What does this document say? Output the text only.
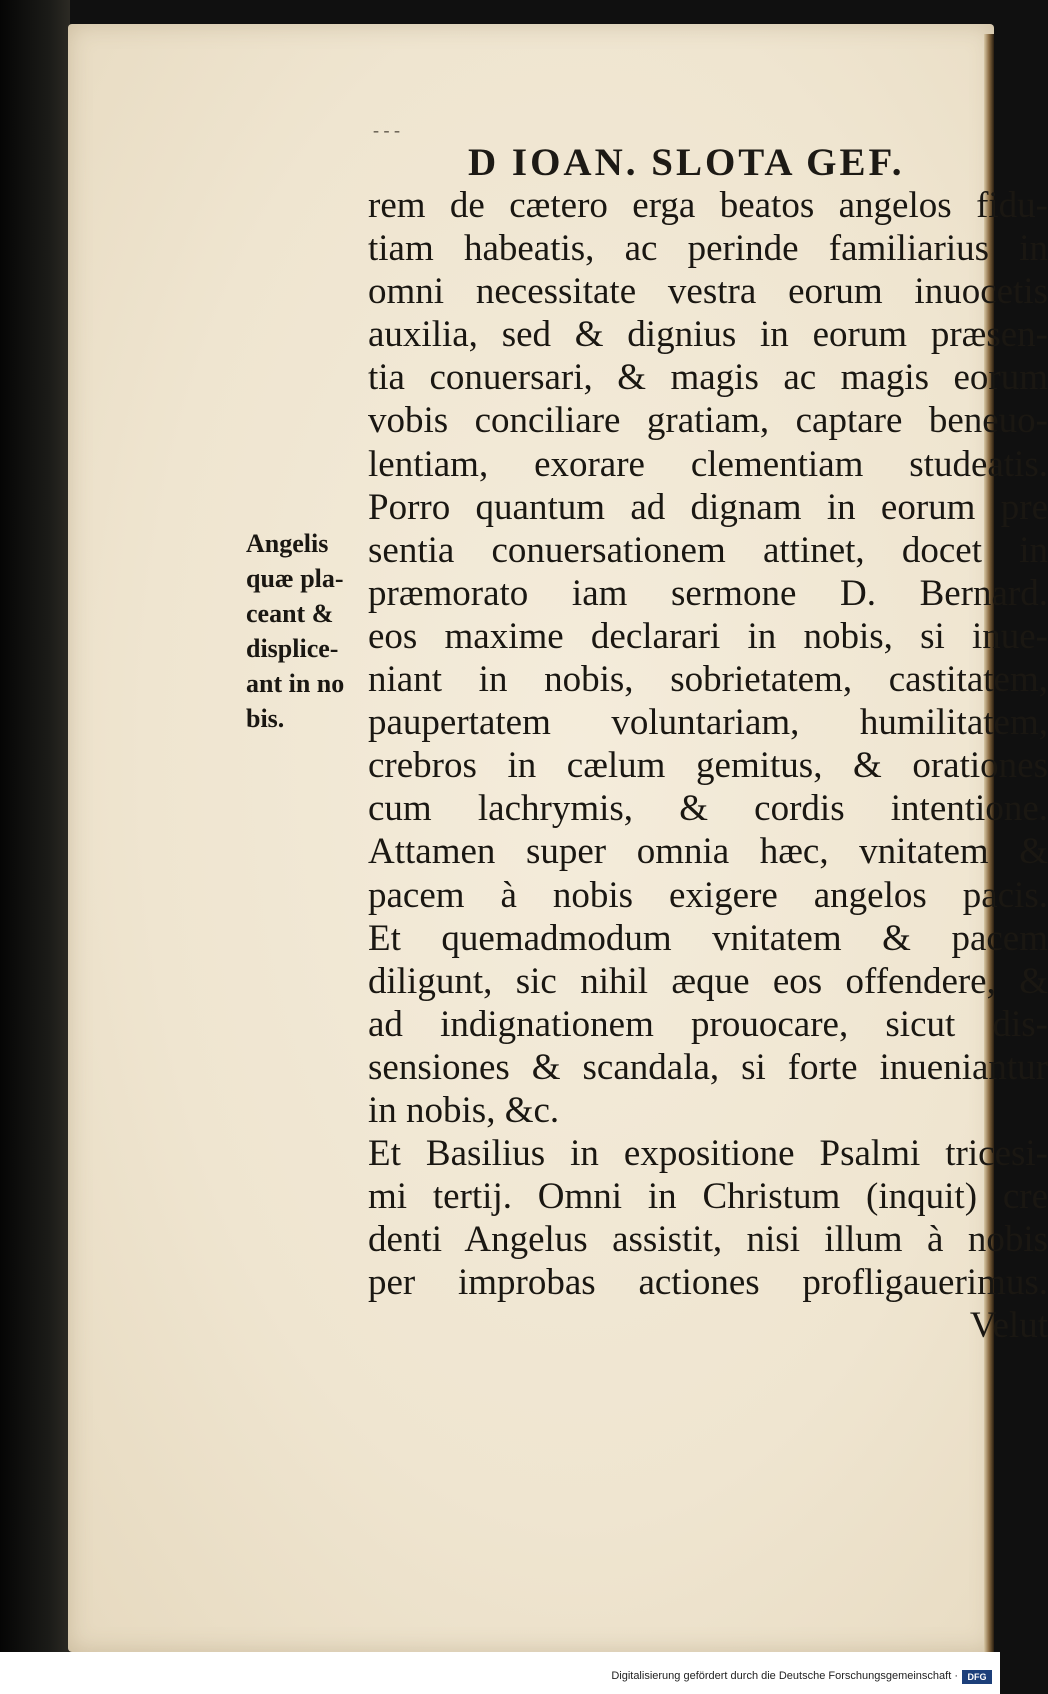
- - -
D IOAN. SLOTA GEF.
Angelis
quæ pla-
ceant &
displice-
ant in no
bis.
rem de cætero erga beatos angelos fidu-
tiam habeatis, ac perinde familiarius in
omni necessitate vestra eorum inuocetis
auxilia, sed & dignius in eorum præsen-
tia conuersari, & magis ac magis eorum
vobis conciliare gratiam, captare beneuo-
lentiam, exorare clementiam studeatis.
Porro quantum ad dignam in eorum pre
sentia conuersationem attinet, docet in
præmorato iam sermone D. Bernard.
eos maxime declarari in nobis, si inue-
niant in nobis, sobrietatem, castitatem,
paupertatem voluntariam, humilitatem,
crebros in cælum gemitus, & orationes
cum lachrymis, & cordis intentione.
Attamen super omnia hæc, vnitatem &
pacem à nobis exigere angelos pacis.
Et quemadmodum vnitatem & pacem
diligunt, sic nihil æque eos offendere, &
ad indignationem prouocare, sicut dis-
sensiones & scandala, si forte inueniantur
in nobis, &c.
Et Basilius in expositione Psalmi tricesi-
mi tertij. Omni in Christum (inquit) cre
denti Angelus assistit, nisi illum à nobis
per improbas actiones profligauerimus.
Velut
Digitalisierung gefördert durch die Deutsche Forschungsgemeinschaft ·	DFG
